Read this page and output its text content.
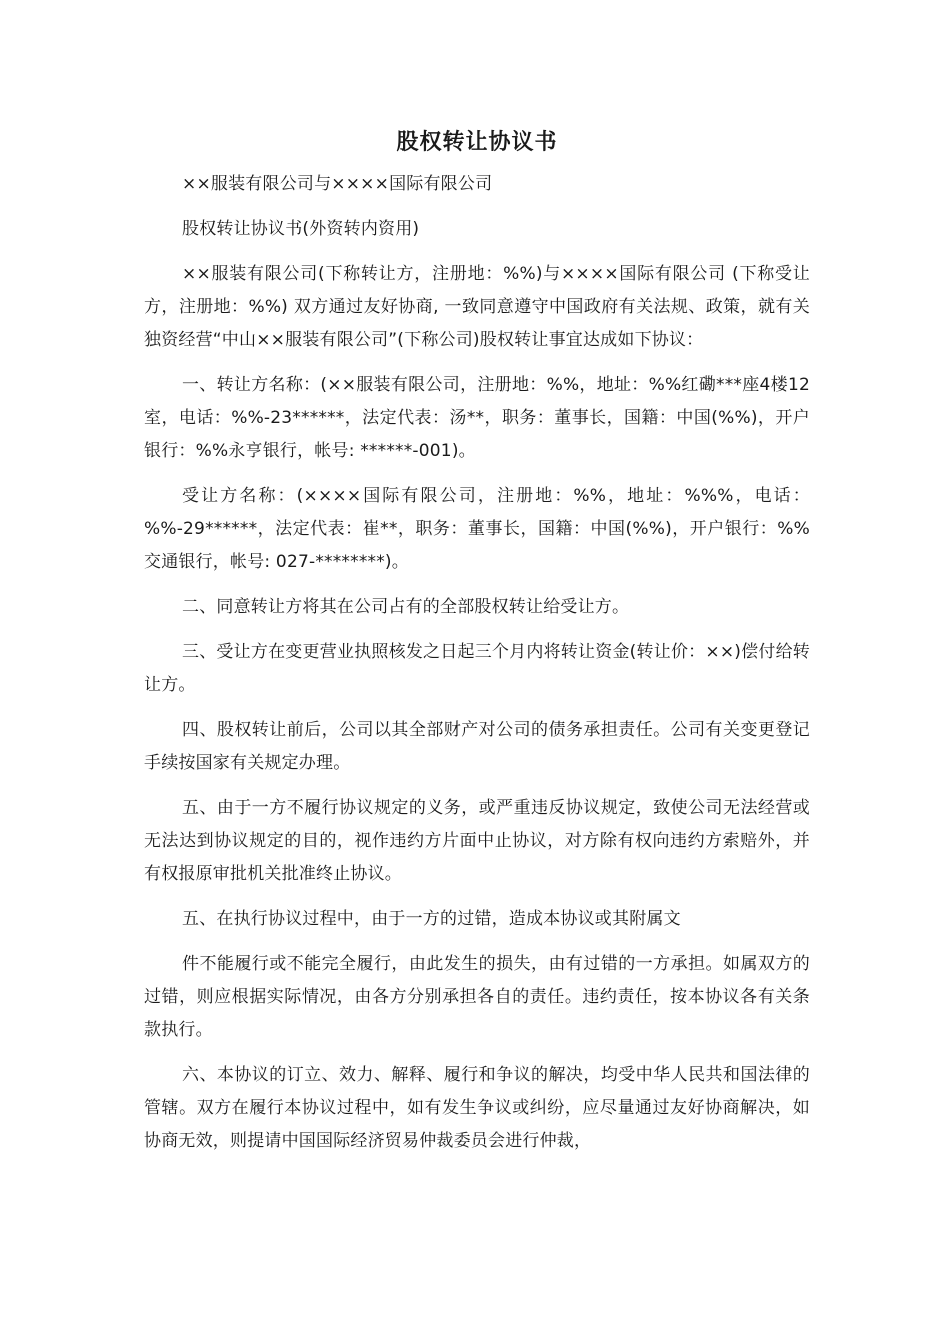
股权转让协议书

××服装有限公司与××××国际有限公司

股权转让协议书(外资转内资用)

××服装有限公司(下称转让方，注册地：%%)与××××国际有限公司 (下称受让方，注册地：%%) 双方通过友好协商, 一致同意遵守中国政府有关法规、政策，就有关独资经营“中山××服装有限公司”(下称公司)股权转让事宜达成如下协议：

一、转让方名称：(××服装有限公司，注册地：%%，地址：%%红磡***座4楼12室，电话：%%-23******，法定代表：汤**，职务：董事长，国籍：中国(%%)，开户银行：%%永亨银行，帐号: ******-001)。

受让方名称：(××××国际有限公司，注册地：%%，地址：%%%，电话：%%-29******，法定代表：崔**，职务：董事长，国籍：中国(%%)，开户银行：%%交通银行，帐号: 027-********)。

二、同意转让方将其在公司占有的全部股权转让给受让方。

三、受让方在变更营业执照核发之日起三个月内将转让资金(转让价：××)偿付给转让方。

四、股权转让前后，公司以其全部财产对公司的债务承担责任。公司有关变更登记手续按国家有关规定办理。

五、由于一方不履行协议规定的义务，或严重违反协议规定，致使公司无法经营或无法达到协议规定的目的，视作违约方片面中止协议，对方除有权向违约方索赔外，并有权报原审批机关批准终止协议。

五、在执行协议过程中，由于一方的过错，造成本协议或其附属文

件不能履行或不能完全履行，由此发生的损失，由有过错的一方承担。如属双方的过错，则应根据实际情况，由各方分别承担各自的责任。违约责任，按本协议各有关条款执行。

六、本协议的订立、效力、解释、履行和争议的解决，均受中华人民共和国法律的管辖。双方在履行本协议过程中，如有发生争议或纠纷，应尽量通过友好协商解决，如协商无效，则提请中国国际经济贸易仲裁委员会进行仲裁，
